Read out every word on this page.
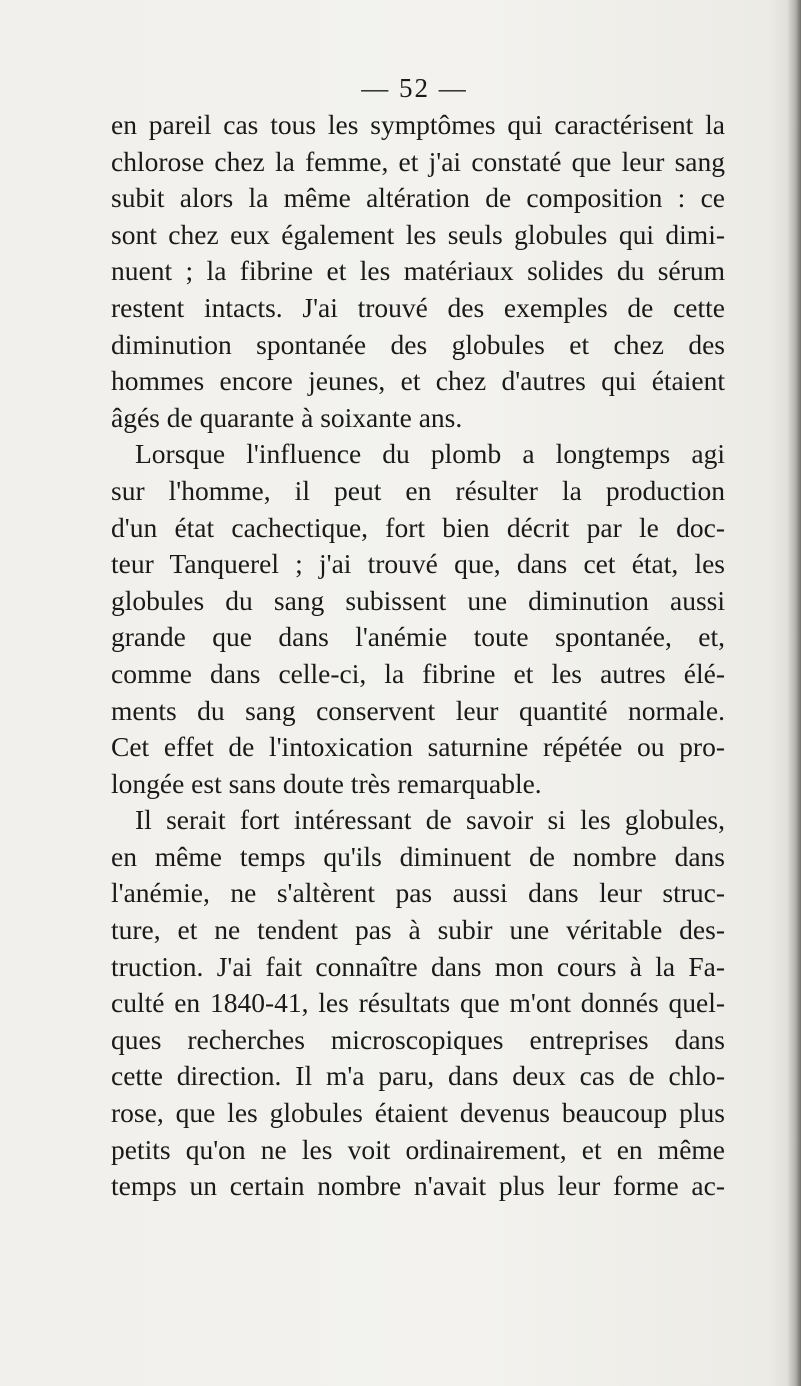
— 52 —
en pareil cas tous les symptômes qui caractérisent la
chlorose chez la femme, et j'ai constaté que leur sang
subit alors la même altération de composition : ce
sont chez eux également les seuls globules qui dimi-
nuent ; la fibrine et les matériaux solides du sérum
restent intacts. J'ai trouvé des exemples de cette
diminution spontanée des globules et chez des
hommes encore jeunes, et chez d'autres qui étaient
âgés de quarante à soixante ans.
Lorsque l'influence du plomb a longtemps agi
sur l'homme, il peut en résulter la production
d'un état cachectique, fort bien décrit par le doc-
teur Tanquerel ; j'ai trouvé que, dans cet état, les
globules du sang subissent une diminution aussi
grande que dans l'anémie toute spontanée, et,
comme dans celle-ci, la fibrine et les autres élé-
ments du sang conservent leur quantité normale.
Cet effet de l'intoxication saturnine répétée ou pro-
longée est sans doute très remarquable.
Il serait fort intéressant de savoir si les globules,
en même temps qu'ils diminuent de nombre dans
l'anémie, ne s'altèrent pas aussi dans leur struc-
ture, et ne tendent pas à subir une véritable des-
truction. J'ai fait connaître dans mon cours à la Fa-
culté en 1840-41, les résultats que m'ont donnés quel-
ques recherches microscopiques entreprises dans
cette direction. Il m'a paru, dans deux cas de chlo-
rose, que les globules étaient devenus beaucoup plus
petits qu'on ne les voit ordinairement, et en même
temps un certain nombre n'avait plus leur forme ac-
